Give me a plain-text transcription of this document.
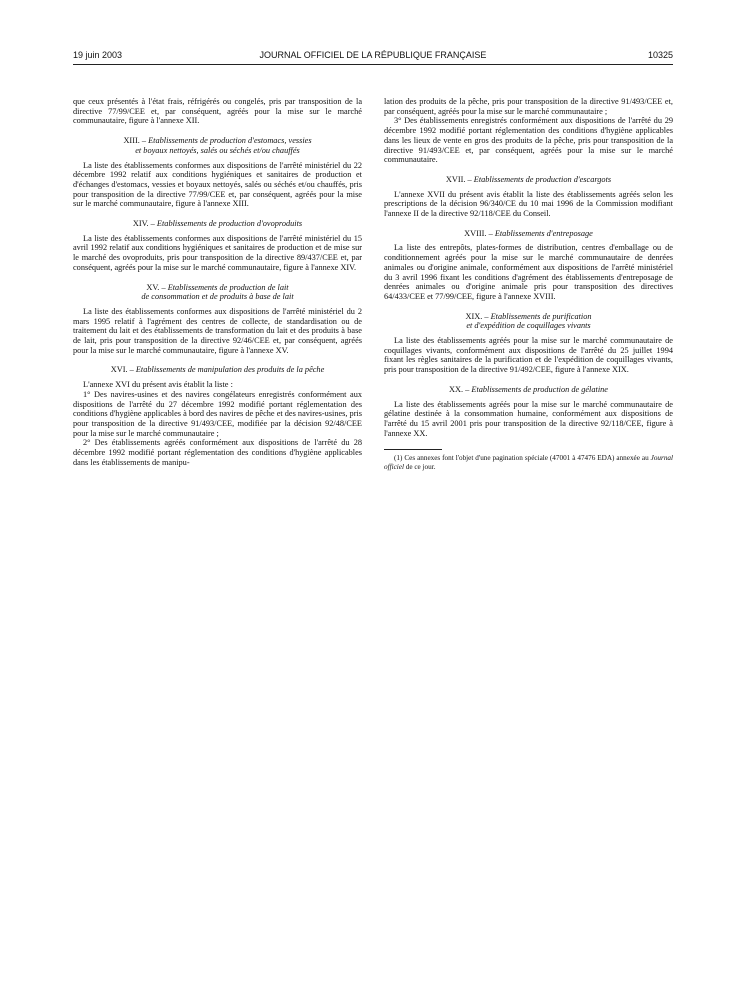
19 juin 2003	JOURNAL OFFICIEL DE LA RÉPUBLIQUE FRANÇAISE	10325

que ceux présentés à l'état frais, réfrigérés ou congelés, pris par transposition de la directive 77/99/CEE et, par conséquent, agréés pour la mise sur le marché communautaire, figure à l'annexe XII.

XIII. – Etablissements de production d'estomacs, vessies
et boyaux nettoyés, salés ou séchés et/ou chauffés

La liste des établissements conformes aux dispositions de l'arrêté ministériel du 22 décembre 1992 relatif aux conditions hygiéniques et sanitaires de production et d'échanges d'estomacs, vessies et boyaux nettoyés, salés ou séchés et/ou chauffés, pris pour transposition de la directive 77/99/CEE et, par conséquent, agréés pour la mise sur le marché communautaire, figure à l'annexe XIII.

XIV. – Etablissements de production d'ovoproduits

La liste des établissements conformes aux dispositions de l'arrêté ministériel du 15 avril 1992 relatif aux conditions hygiéniques et sanitaires de production et de mise sur le marché des ovoproduits, pris pour transposition de la directive 89/437/CEE et, par conséquent, agréés pour la mise sur le marché communautaire, figure à l'annexe XIV.

XV. – Etablissements de production de lait
de consommation et de produits à base de lait

La liste des établissements conformes aux dispositions de l'arrêté ministériel du 2 mars 1995 relatif à l'agrément des centres de collecte, de standardisation ou de traitement du lait et des établissements de transformation du lait et des produits à base de lait, pris pour transposition de la directive 92/46/CEE et, par conséquent, agréés pour la mise sur le marché communautaire, figure à l'annexe XV.

XVI. – Etablissements de manipulation des produits de la pêche

L'annexe XVI du présent avis établit la liste :

1° Des navires-usines et des navires congélateurs enregistrés conformément aux dispositions de l'arrêté du 27 décembre 1992 modifié portant réglementation des conditions d'hygiène applicables à bord des navires de pêche et des navires-usines, pris pour transposition de la directive 91/493/CEE, modifiée par la décision 92/48/CEE pour la mise sur le marché communautaire ;

2° Des établissements agréés conformément aux dispositions de l'arrêté du 28 décembre 1992 modifié portant réglementation des conditions d'hygiène applicables dans les établissements de manipu-

lation des produits de la pêche, pris pour transposition de la directive 91/493/CEE et, par conséquent, agréés pour la mise sur le marché communautaire ;

3° Des établissements enregistrés conformément aux dispositions de l'arrêté du 29 décembre 1992 modifié portant réglementation des conditions d'hygiène applicables dans les lieux de vente en gros des produits de la pêche, pris pour transposition de la directive 91/493/CEE et, par conséquent, agréés pour la mise sur le marché communautaire.

XVII. – Etablissements de production d'escargots

L'annexe XVII du présent avis établit la liste des établissements agréés selon les prescriptions de la décision 96/340/CE du 10 mai 1996 de la Commission modifiant l'annexe II de la directive 92/118/CEE du Conseil.

XVIII. – Etablissements d'entreposage

La liste des entrepôts, plates-formes de distribution, centres d'emballage ou de conditionnement agréés pour la mise sur le marché communautaire de denrées animales ou d'origine animale, conformément aux dispositions de l'arrêté ministériel du 3 avril 1996 fixant les conditions d'agrément des établissements d'entreposage de denrées animales ou d'origine animale pris pour transposition des directives 64/433/CEE et 77/99/CEE, figure à l'annexe XVIII.

XIX. – Etablissements de purification
et d'expédition de coquillages vivants

La liste des établissements agréés pour la mise sur le marché communautaire de coquillages vivants, conformément aux dispositions de l'arrêté du 25 juillet 1994 fixant les règles sanitaires de la purification et de l'expédition de coquillages vivants, pris pour transposition de la directive 91/492/CEE, figure à l'annexe XIX.

XX. – Etablissements de production de gélatine

La liste des établissements agréés pour la mise sur le marché communautaire de gélatine destinée à la consommation humaine, conformément aux dispositions de l'arrêté du 15 avril 2001 pris pour transposition de la directive 92/118/CEE, figure à l'annexe XX.

(1) Ces annexes font l'objet d'une pagination spéciale (47001 à 47476 EDA) annexée au Journal officiel de ce jour.
